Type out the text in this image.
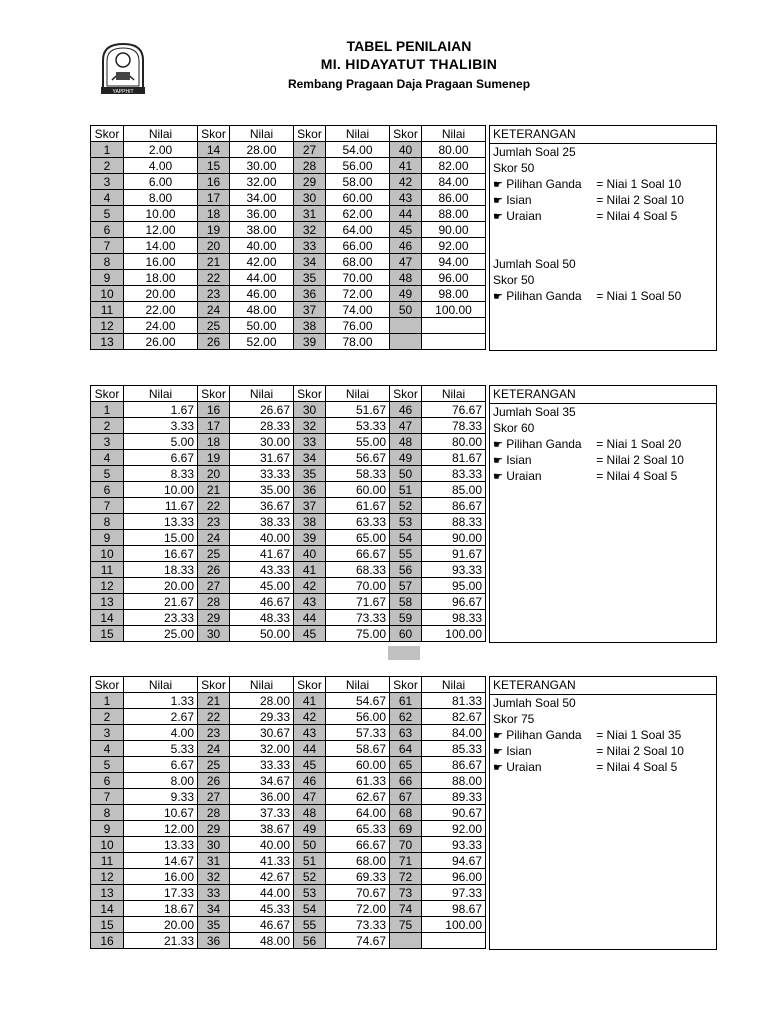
YAPPHIT
TABEL PENILAIAN
MI. HIDAYATUT THALIBIN
Rembang Pragaan Daja Pragaan Sumenep
Skor	Nilai	Skor	Nilai	Skor	Nilai	Skor	Nilai
1	2.00	14	28.00	27	54.00	40	80.00
2	4.00	15	30.00	28	56.00	41	82.00
3	6.00	16	32.00	29	58.00	42	84.00
4	8.00	17	34.00	30	60.00	43	86.00
5	10.00	18	36.00	31	62.00	44	88.00
6	12.00	19	38.00	32	64.00	45	90.00
7	14.00	20	40.00	33	66.00	46	92.00
8	16.00	21	42.00	34	68.00	47	94.00
9	18.00	22	44.00	35	70.00	48	96.00
10	20.00	23	46.00	36	72.00	49	98.00
11	22.00	24	48.00	37	74.00	50	100.00
12	24.00	25	50.00	38	76.00		
13	26.00	26	52.00	39	78.00		
KETERANGAN
Jumlah Soal 25
Skor 50
☛ Pilihan Ganda = Niai 1 Soal 10
☛ Isian	= Nilai 2 Soal 10
☛ Uraian	= Nilai 4 Soal 5
Jumlah Soal 50
Skor 50
☛ Pilihan Ganda = Niai 1 Soal 50
Skor	Nilai	Skor	Nilai	Skor	Nilai	Skor	Nilai
1	1.67	16	26.67	30	51.67	46	76.67
2	3.33	17	28.33	32	53.33	47	78.33
3	5.00	18	30.00	33	55.00	48	80.00
4	6.67	19	31.67	34	56.67	49	81.67
5	8.33	20	33.33	35	58.33	50	83.33
6	10.00	21	35.00	36	60.00	51	85.00
7	11.67	22	36.67	37	61.67	52	86.67
8	13.33	23	38.33	38	63.33	53	88.33
9	15.00	24	40.00	39	65.00	54	90.00
10	16.67	25	41.67	40	66.67	55	91.67
11	18.33	26	43.33	41	68.33	56	93.33
12	20.00	27	45.00	42	70.00	57	95.00
13	21.67	28	46.67	43	71.67	58	96.67
14	23.33	29	48.33	44	73.33	59	98.33
15	25.00	30	50.00	45	75.00	60	100.00
KETERANGAN
Jumlah Soal 35
Skor 60
☛ Pilihan Ganda = Niai 1 Soal 20
☛ Isian	= Nilai 2 Soal 10
☛ Uraian	= Nilai 4 Soal 5
Skor	Nilai	Skor	Nilai	Skor	Nilai	Skor	Nilai
1	1.33	21	28.00	41	54.67	61	81.33
2	2.67	22	29.33	42	56.00	62	82.67
3	4.00	23	30.67	43	57.33	63	84.00
4	5.33	24	32.00	44	58.67	64	85.33
5	6.67	25	33.33	45	60.00	65	86.67
6	8.00	26	34.67	46	61.33	66	88.00
7	9.33	27	36.00	47	62.67	67	89.33
8	10.67	28	37.33	48	64.00	68	90.67
9	12.00	29	38.67	49	65.33	69	92.00
10	13.33	30	40.00	50	66.67	70	93.33
11	14.67	31	41.33	51	68.00	71	94.67
12	16.00	32	42.67	52	69.33	72	96.00
13	17.33	33	44.00	53	70.67	73	97.33
14	18.67	34	45.33	54	72.00	74	98.67
15	20.00	35	46.67	55	73.33	75	100.00
16	21.33	36	48.00	56	74.67		
KETERANGAN
Jumlah Soal 50
Skor 75
☛ Pilihan Ganda = Niai 1 Soal 35
☛ Isian	= Nilai 2 Soal 10
☛ Uraian	= Nilai 4 Soal 5
